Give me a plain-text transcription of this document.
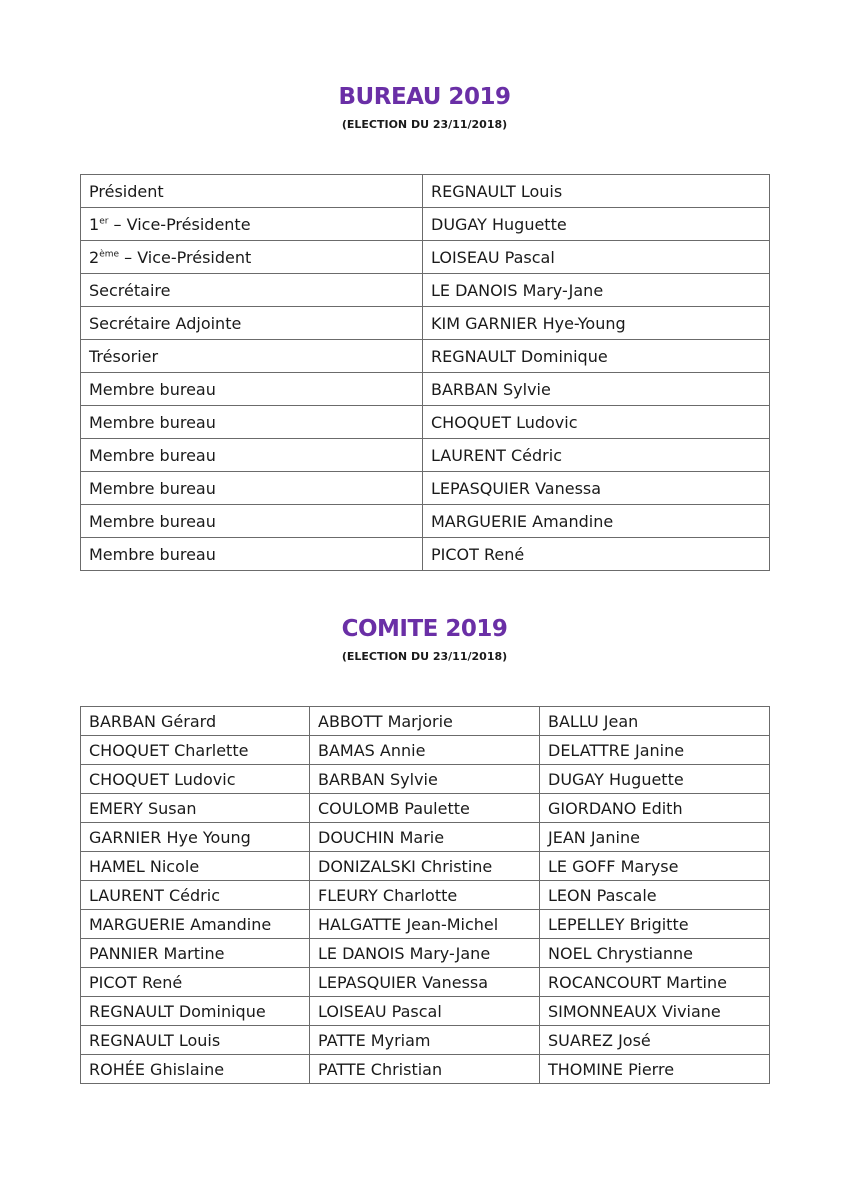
BUREAU 2019
(ELECTION DU 23/11/2018)
Président	REGNAULT Louis
1er – Vice-Présidente	DUGAY Huguette
2ème – Vice-Président	LOISEAU Pascal
Secrétaire	LE DANOIS Mary-Jane
Secrétaire Adjointe	KIM GARNIER Hye-Young
Trésorier	REGNAULT Dominique
Membre bureau	BARBAN Sylvie
Membre bureau	CHOQUET Ludovic
Membre bureau	LAURENT Cédric
Membre bureau	LEPASQUIER Vanessa
Membre bureau	MARGUERIE Amandine
Membre bureau	PICOT René
COMITE 2019
(ELECTION DU 23/11/2018)
BARBAN Gérard	ABBOTT Marjorie	BALLU Jean
CHOQUET Charlette	BAMAS Annie	DELATTRE Janine
CHOQUET Ludovic	BARBAN Sylvie	DUGAY Huguette
EMERY Susan	COULOMB Paulette	GIORDANO Edith
GARNIER Hye Young	DOUCHIN Marie	JEAN Janine
HAMEL Nicole	DONIZALSKI Christine	LE GOFF Maryse
LAURENT Cédric	FLEURY Charlotte	LEON Pascale
MARGUERIE Amandine	HALGATTE Jean-Michel	LEPELLEY Brigitte
PANNIER Martine	LE DANOIS Mary-Jane	NOEL Chrystianne
PICOT René	LEPASQUIER Vanessa	ROCANCOURT Martine
REGNAULT Dominique	LOISEAU Pascal	SIMONNEAUX Viviane
REGNAULT Louis	PATTE Myriam	SUAREZ José
ROHÉE Ghislaine	PATTE Christian	THOMINE Pierre
